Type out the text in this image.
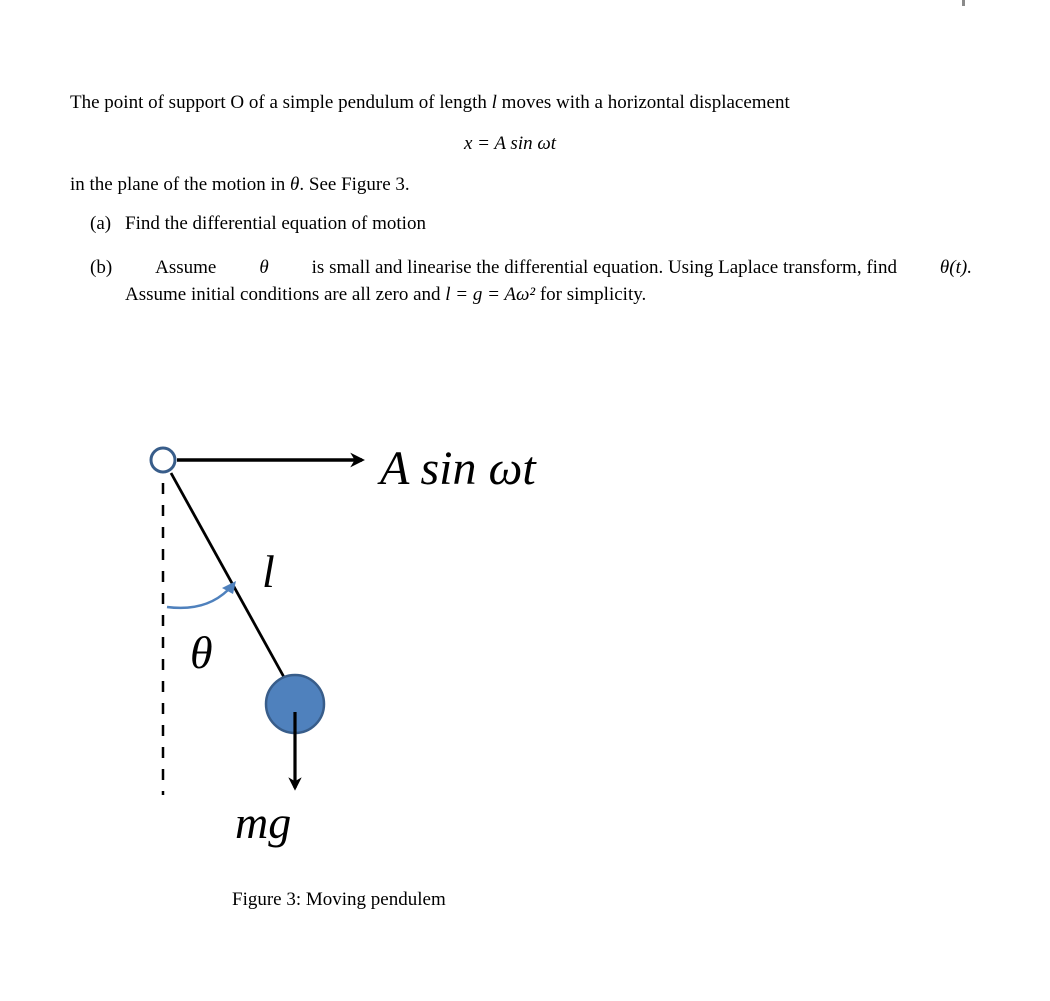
The point of support O of a simple pendulum of length l moves with a horizontal displacement
x = A sin ωt
in the plane of the motion in θ. See Figure 3.
(a) Find the differential equation of motion
(b) Assume θ is small and linearise the differential equation. Using Laplace transform, find θ(t).
Assume initial conditions are all zero and l = g = Aω² for simplicity.
A sin ωt
l
θ
mg
Figure 3: Moving pendulem
